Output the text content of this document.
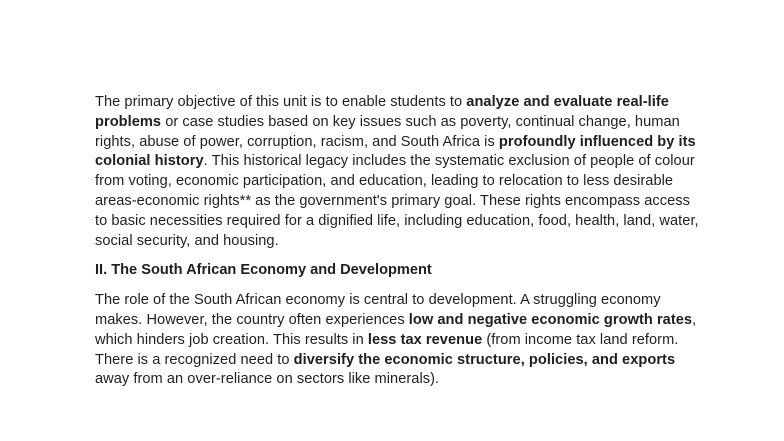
The primary objective of this unit is to enable students to analyze and evaluate real-life problems or case studies based on key issues such as poverty, continual change, human rights, abuse of power, corruption, racism, and South Africa is profoundly influenced by its colonial history. This historical legacy includes the systematic exclusion of people of colour from voting, economic participation, and education, leading to relocation to less desirable areas-economic rights** as the government's primary goal. These rights encompass access to basic necessities required for a dignified life, including education, food, health, land, water, social security, and housing.

II. The South African Economy and Development

The role of the South African economy is central to development. A struggling economy makes. However, the country often experiences low and negative economic growth rates, which hinders job creation. This results in less tax revenue (from income tax land reform. There is a recognized need to diversify the economic structure, policies, and exports away from an over-reliance on sectors like minerals).
